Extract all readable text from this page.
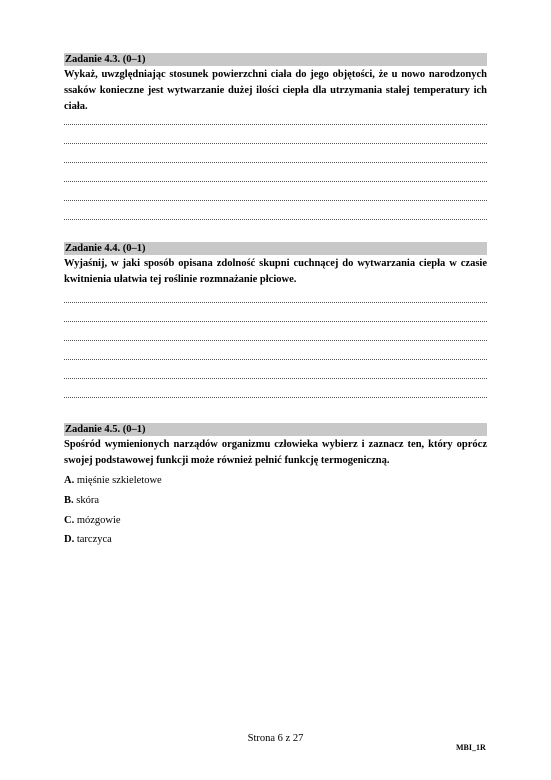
Zadanie 4.3. (0–1)
Wykaż, uwzględniając stosunek powierzchni ciała do jego objętości, że u nowo narodzonych ssaków konieczne jest wytwarzanie dużej ilości ciepła dla utrzymania stałej temperatury ich ciała.
Zadanie 4.4. (0–1)
Wyjaśnij, w jaki sposób opisana zdolność skupni cuchnącej do wytwarzania ciepła w czasie kwitnienia ułatwia tej roślinie rozmnażanie płciowe.
Zadanie 4.5. (0–1)
Spośród wymienionych narządów organizmu człowieka wybierz i zaznacz ten, który oprócz swojej podstawowej funkcji może również pełnić funkcję termogeniczną.
A. mięśnie szkieletowe
B. skóra
C. mózgowie
D. tarczyca
Strona 6 z 27
MBI_1R
